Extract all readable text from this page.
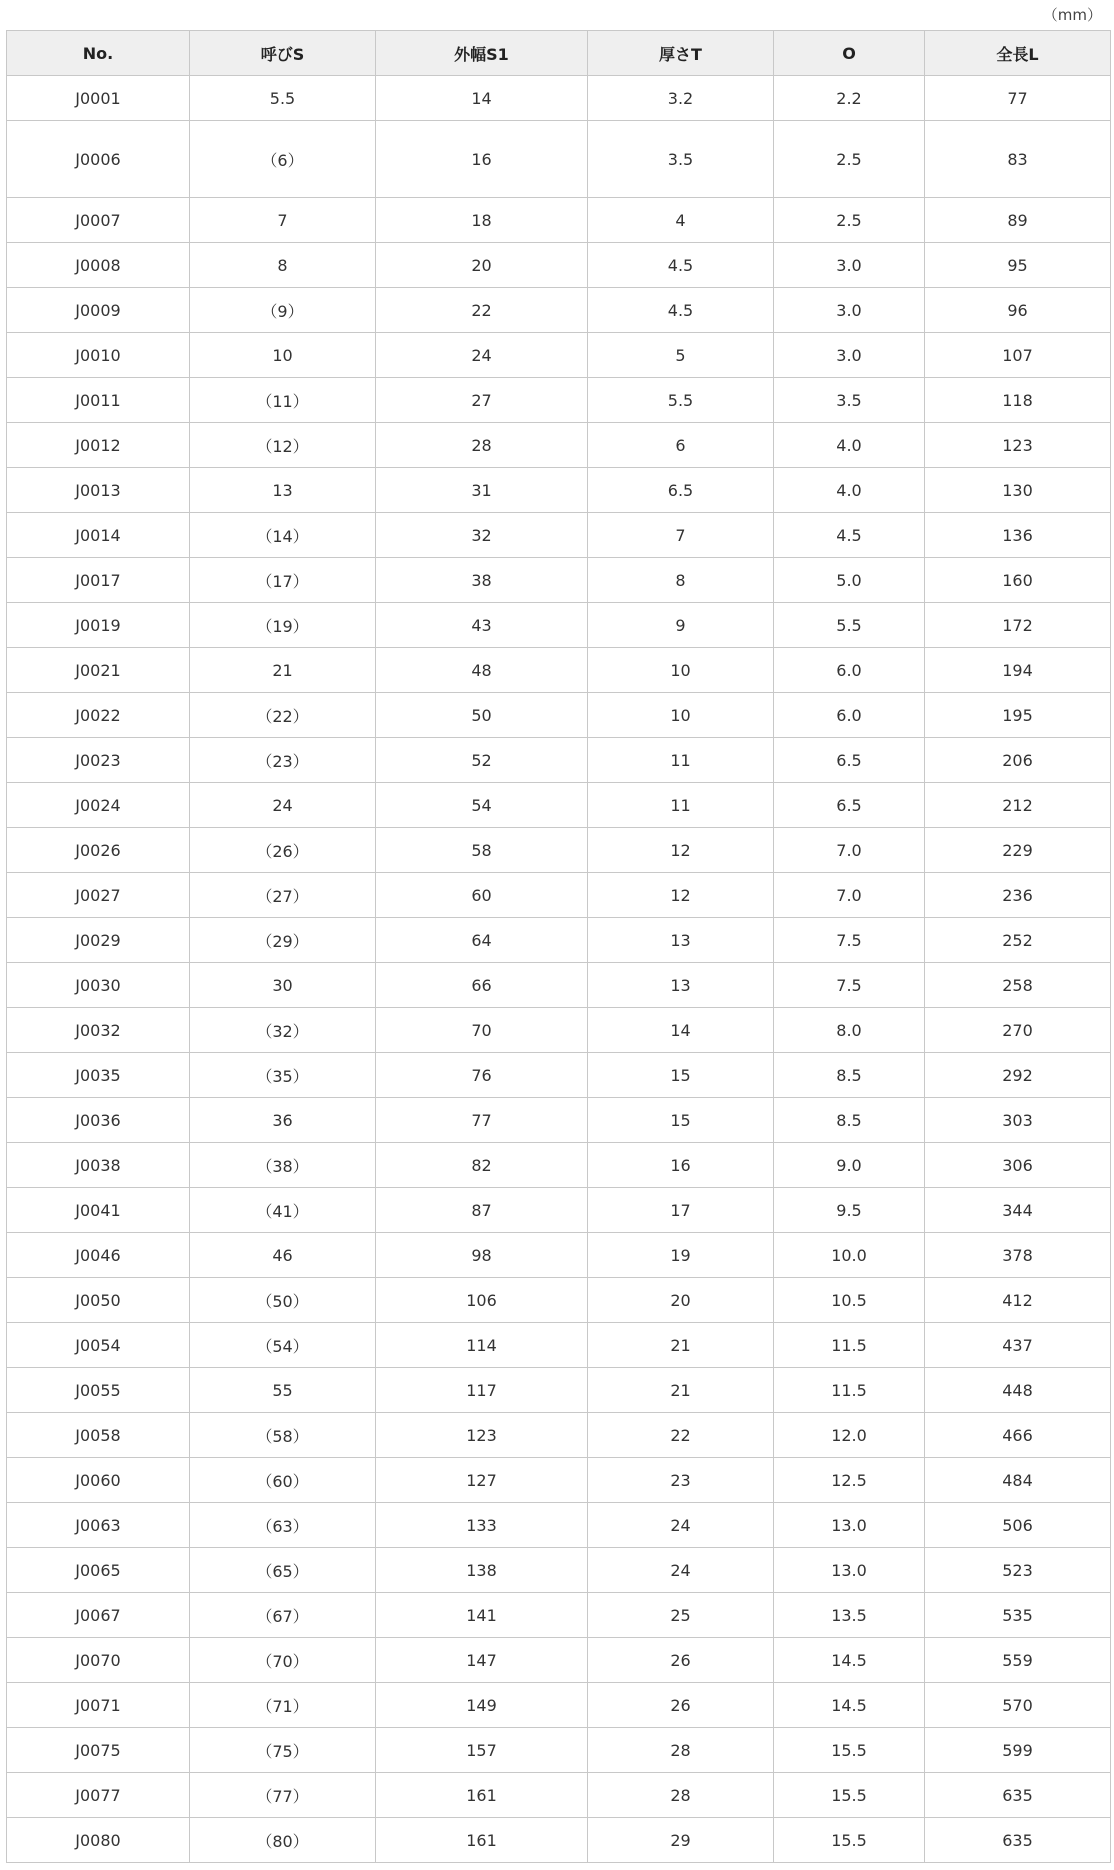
（mm）
No.	呼びS	外幅S1	厚さT	O	全長L
J0001	5.5	14	3.2	2.2	77
J0006	（6）	16	3.5	2.5	83
J0007	7	18	4	2.5	89
J0008	8	20	4.5	3.0	95
J0009	（9）	22	4.5	3.0	96
J0010	10	24	5	3.0	107
J0011	（11）	27	5.5	3.5	118
J0012	（12）	28	6	4.0	123
J0013	13	31	6.5	4.0	130
J0014	（14）	32	7	4.5	136
J0017	（17）	38	8	5.0	160
J0019	（19）	43	9	5.5	172
J0021	21	48	10	6.0	194
J0022	（22）	50	10	6.0	195
J0023	（23）	52	11	6.5	206
J0024	24	54	11	6.5	212
J0026	（26）	58	12	7.0	229
J0027	（27）	60	12	7.0	236
J0029	（29）	64	13	7.5	252
J0030	30	66	13	7.5	258
J0032	（32）	70	14	8.0	270
J0035	（35）	76	15	8.5	292
J0036	36	77	15	8.5	303
J0038	（38）	82	16	9.0	306
J0041	（41）	87	17	9.5	344
J0046	46	98	19	10.0	378
J0050	（50）	106	20	10.5	412
J0054	（54）	114	21	11.5	437
J0055	55	117	21	11.5	448
J0058	（58）	123	22	12.0	466
J0060	（60）	127	23	12.5	484
J0063	（63）	133	24	13.0	506
J0065	（65）	138	24	13.0	523
J0067	（67）	141	25	13.5	535
J0070	（70）	147	26	14.5	559
J0071	（71）	149	26	14.5	570
J0075	（75）	157	28	15.5	599
J0077	（77）	161	28	15.5	635
J0080	（80）	161	29	15.5	635
